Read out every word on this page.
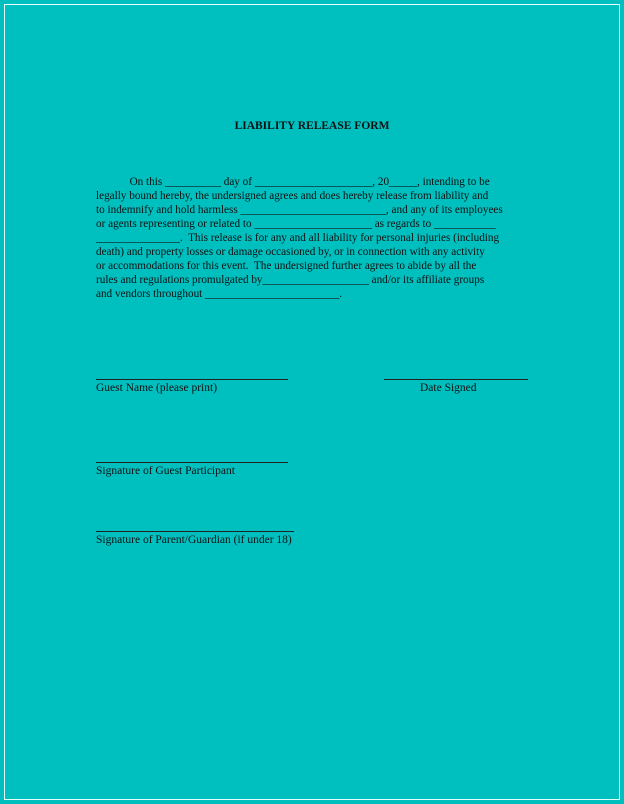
LIABILITY RELEASE FORM
On this __________ day of _____________________, 20_____, intending to be
legally bound hereby, the undersigned agrees and does hereby release from liability and
to indemnify and hold harmless __________________________, and any of its employees
or agents representing or related to _____________________ as regards to ___________
_______________.  This release is for any and all liability for personal injuries (including
death) and property losses or damage occasioned by, or in connection with any activity
or accommodations for this event.  The undersigned further agrees to abide by all the
rules and regulations promulgated by___________________ and/or its affiliate groups
and vendors throughout ________________________.
Guest Name (please print)	Date Signed
Signature of Guest Participant
Signature of Parent/Guardian (if under 18)
